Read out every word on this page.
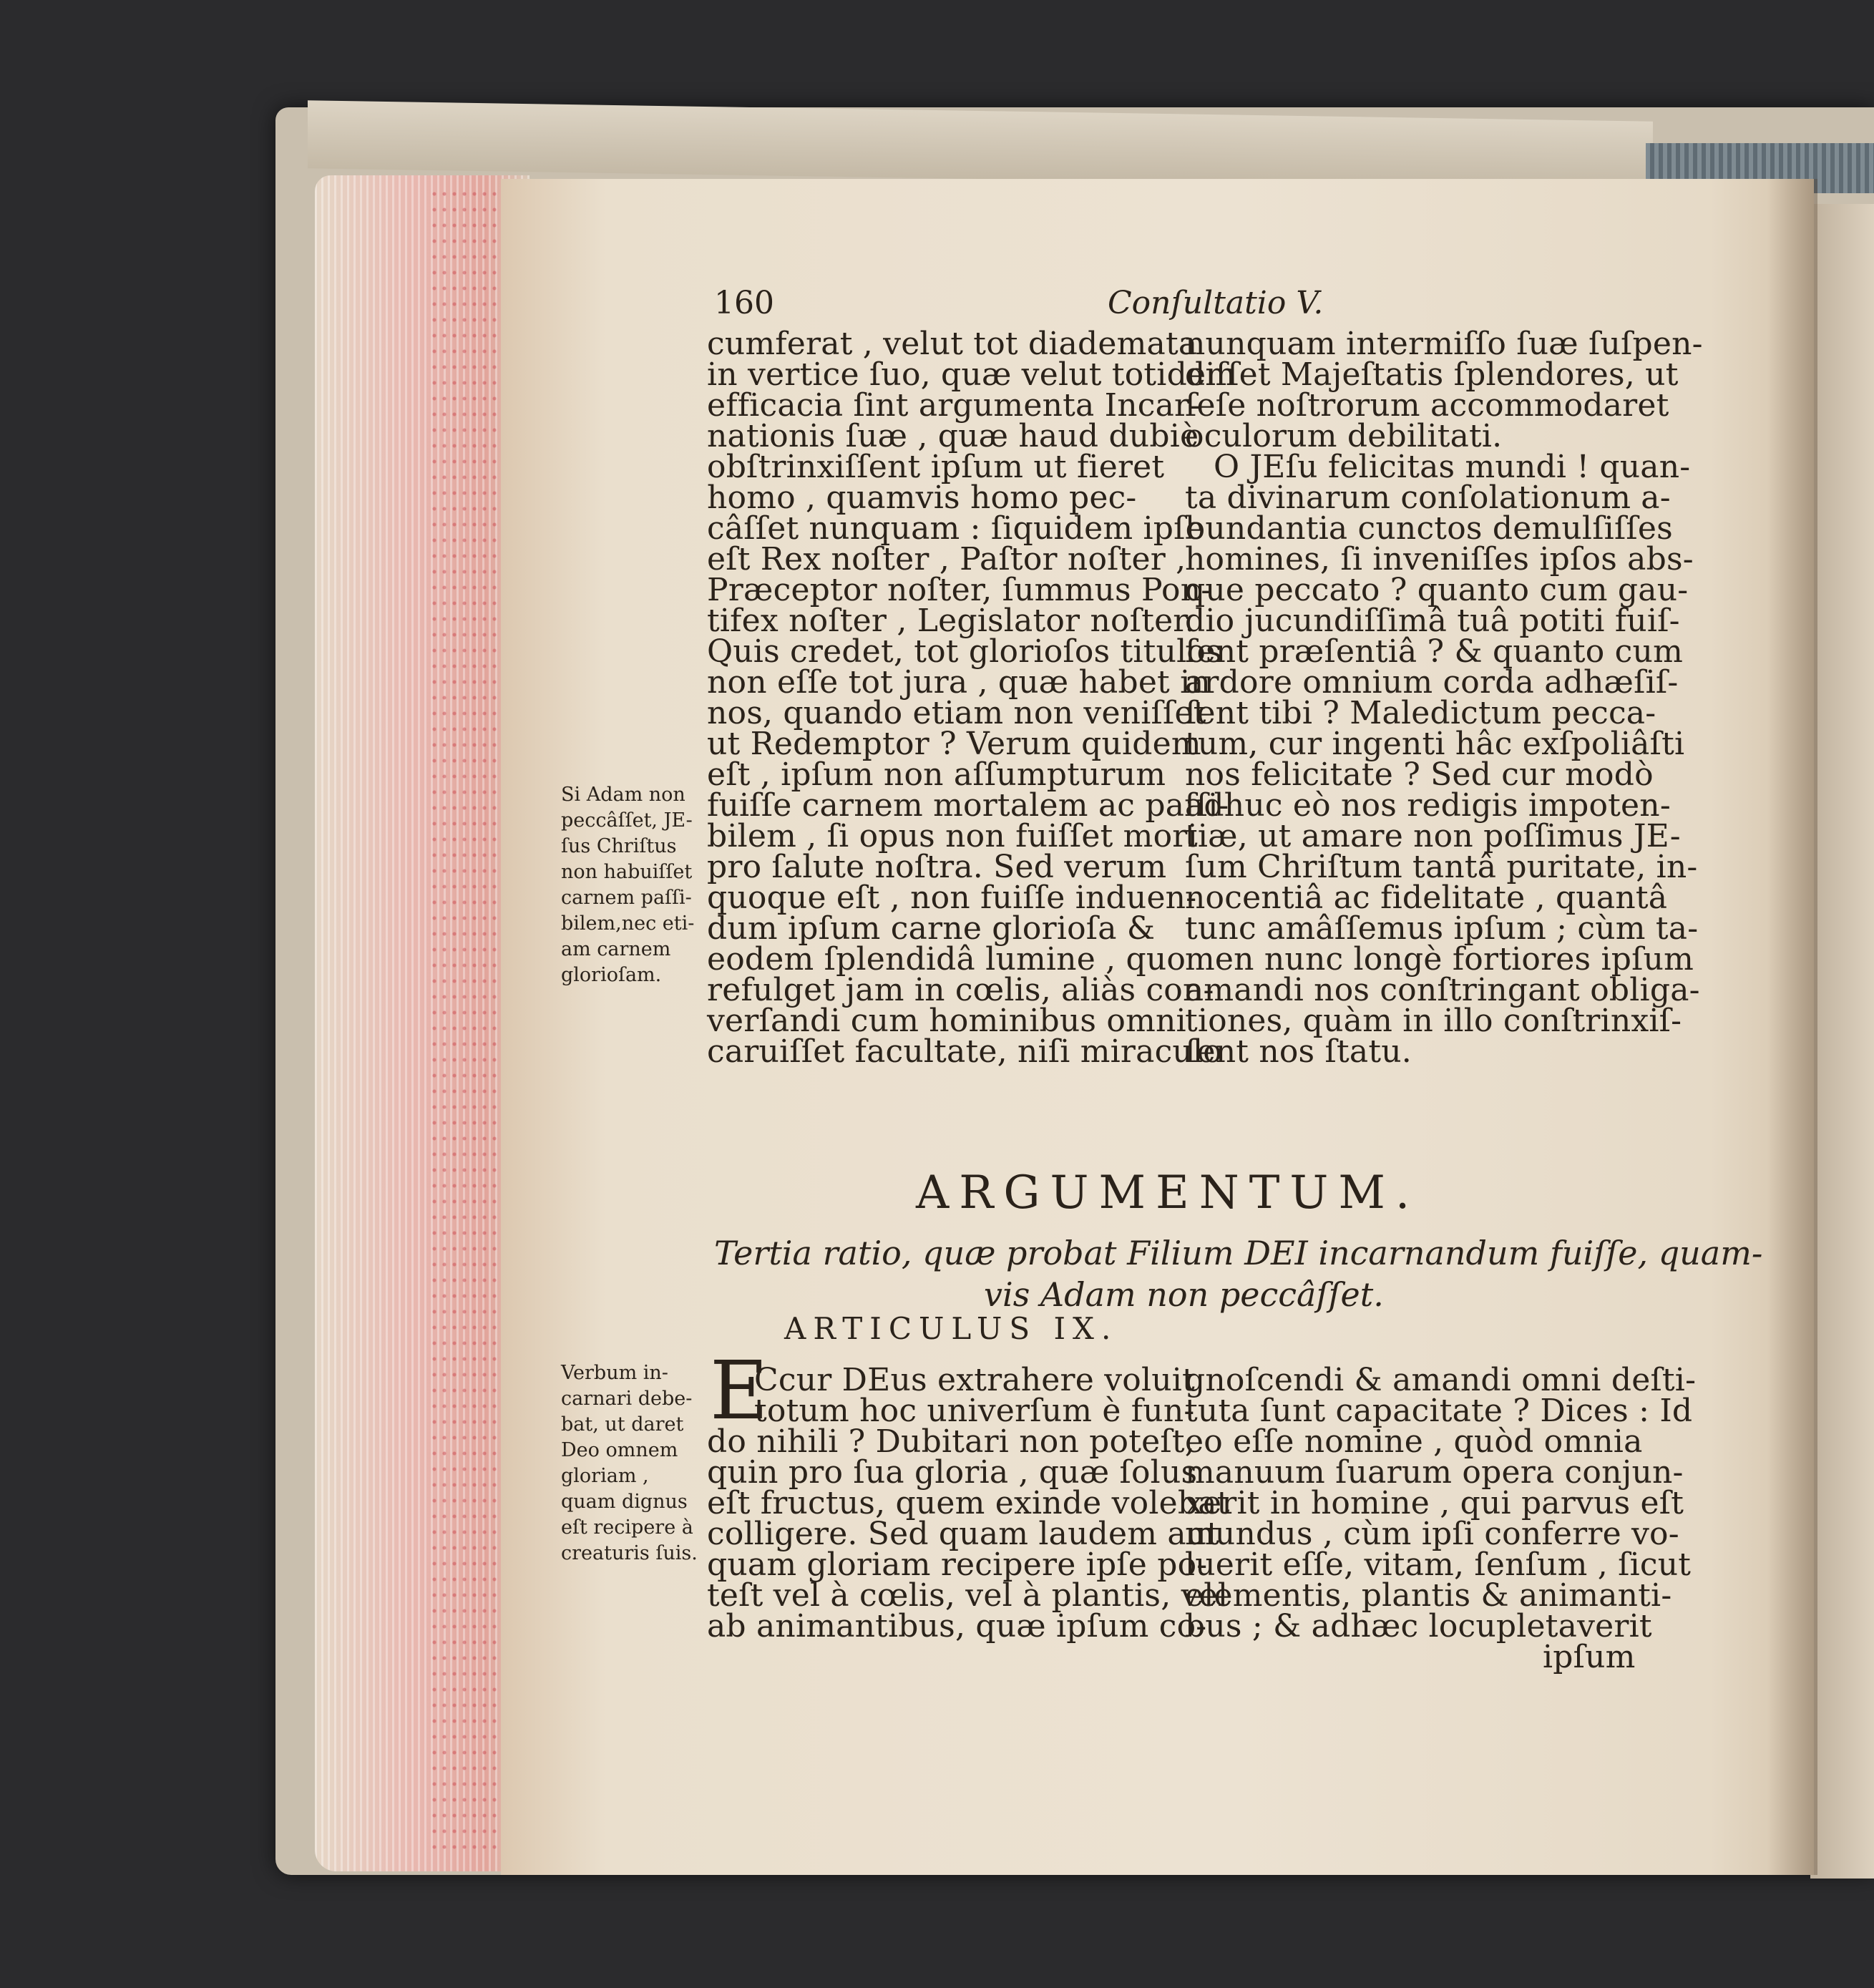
160	Conſultatio V.
cumferat , velut tot diademata
in vertice ſuo, quæ velut totidem
efficacia ſint argumenta Incar-
nationis ſuæ , quæ haud dubiè
obſtrinxiſſent ipſum ut fieret
homo , quamvis homo pec-
câſſet nunquam : ſiquidem ipſe
eſt Rex noſter , Paſtor noſter ,
Præceptor noſter, ſummus Pon-
tifex noſter , Legislator noſter.
Quis credet, tot glorioſos titulos
non eſſe tot jura , quæ habet in
nos, quando etiam non veniſſet
ut Redemptor ? Verum quidem
eſt , ipſum non aſſumpturum
fuiſſe carnem mortalem ac paſſi-
bilem , ſi opus non fuiſſet mori
pro ſalute noſtra. Sed verum
quoque eſt , non fuiſſe induen-
dum ipſum carne glorioſa &
eodem ſplendidâ lumine , quo
refulget jam in cœlis, aliàs con-
verſandi cum hominibus omni
caruiſſet facultate, niſi miraculo
nunquam intermiſſo ſuæ ſuſpen-
diſſet Majeſtatis ſplendores, ut
ſeſe noſtrorum accommodaret
oculorum debilitati.
O JEſu felicitas mundi ! quan-
ta divinarum conſolationum a-
bundantia cunctos demulſiſſes
homines, ſi inveniſſes ipſos abs-
que peccato ? quanto cum gau-
dio jucundiſſimâ tuâ potiti fuiſ-
ſent præſentiâ ? & quanto cum
ardore omnium corda adhæſiſ-
ſent tibi ? Maledictum pecca-
tum, cur ingenti hâc exſpoliâſti
nos felicitate ? Sed cur modò
adhuc eò nos redigis impoten-
tiæ, ut amare non poſſimus JE-
ſum Chriſtum tantâ puritate, in-
nocentiâ ac fidelitate , quantâ
tunc amâſſemus ipſum ; cùm ta-
men nunc longè fortiores ipſum
amandi nos conſtringant obliga-
tiones, quàm in illo conſtrinxiſ-
ſent nos ſtatu.
Si Adam non
peccâſſet, JE-
ſus Chriſtus
non habuiſſet
carnem paſſi-
bilem,nec eti-
am carnem
glorioſam.
ARGUMENTUM.
Tertia ratio, quæ probat Filium DEI incarnandum fuiſſe, quam-
vis Adam non peccâſſet.
ARTICULUS IX.
Verbum in-
carnari debe-
bat, ut daret
Deo omnem
gloriam ,
quam dignus
eſt recipere à
creaturis ſuis.
E
Ccur DEus extrahere voluit
totum hoc univerſum è fun-
do nihili ? Dubitari non poteſt,
quin pro ſua gloria , quæ ſolus
eſt fructus, quem exinde volebat
colligere. Sed quam laudem aut
quam gloriam recipere ipſe po-
teſt vel à cœlis, vel à plantis, vel
ab animantibus, quæ ipſum co-
gnoſcendi & amandi omni deſti-
tuta ſunt capacitate ? Dices : Id
eo eſſe nomine , quòd omnia
manuum ſuarum opera conjun-
xerit in homine , qui parvus eſt
mundus , cùm ipſi conferre vo-
luerit eſſe, vitam, ſenſum , ſicut
elementis, plantis & animanti-
bus ; & adhæc locupletaverit
ipſum
